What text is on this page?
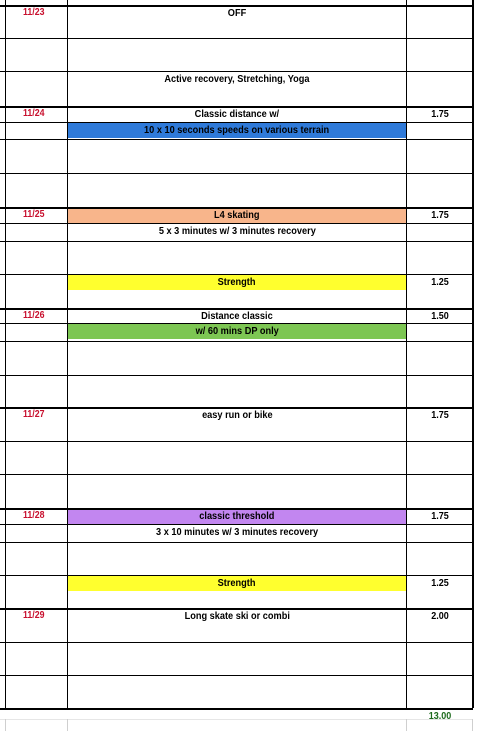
11/23	OFF
Active recovery, Stretching, Yoga
11/24	Classic distance w/	1.75
10 x 10 seconds speeds on various terrain
11/25	L4 skating	1.75
5 x 3 minutes w/ 3 minutes recovery
Strength	1.25
11/26	Distance classic	1.50
w/ 60 mins DP only
11/27	easy run or bike	1.75
11/28	classic threshold	1.75
3 x 10 minutes w/ 3 minutes recovery
Strength	1.25
11/29	Long skate ski or combi	2.00
13.00
